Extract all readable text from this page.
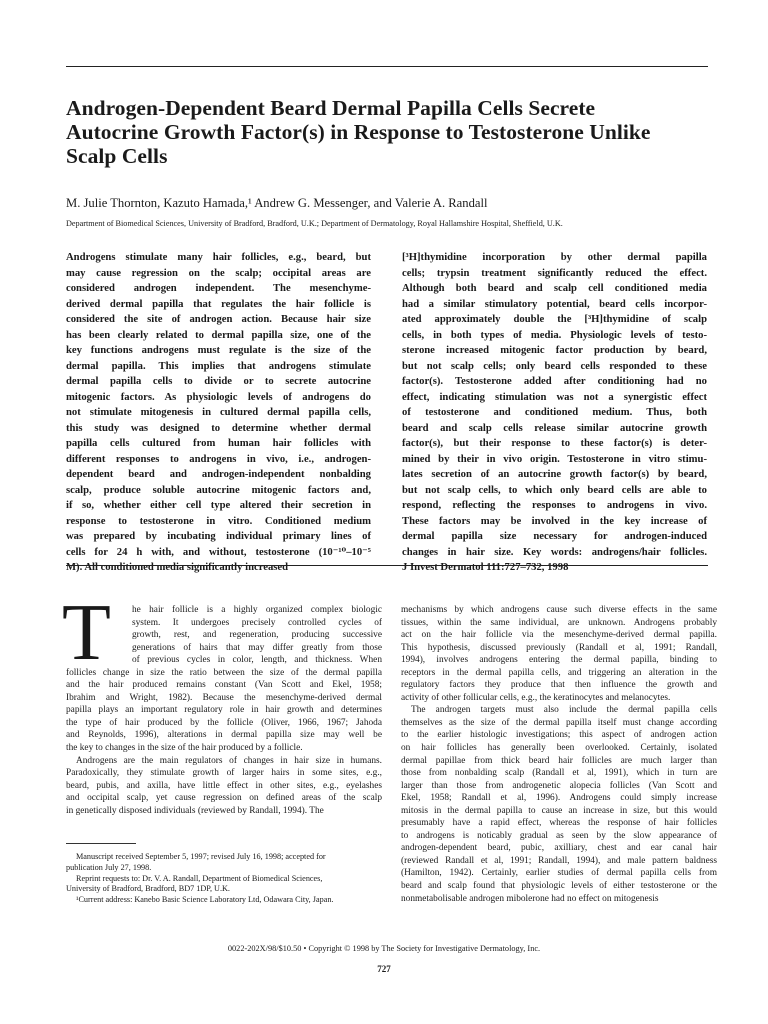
Androgen-Dependent Beard Dermal Papilla Cells Secrete
Autocrine Growth Factor(s) in Response to Testosterone Unlike
Scalp Cells
M. Julie Thornton, Kazuto Hamada,¹ Andrew G. Messenger, and Valerie A. Randall
Department of Biomedical Sciences, University of Bradford, Bradford, U.K.; Department of Dermatology, Royal Hallamshire Hospital, Sheffield, U.K.
Androgens stimulate many hair follicles, e.g., beard, but
may cause regression on the scalp; occipital areas are
considered androgen independent. The mesenchyme-
derived dermal papilla that regulates the hair follicle is
considered the site of androgen action. Because hair size
has been clearly related to dermal papilla size, one of the
key functions androgens must regulate is the size of the
dermal papilla. This implies that androgens stimulate
dermal papilla cells to divide or to secrete autocrine
mitogenic factors. As physiologic levels of androgens do
not stimulate mitogenesis in cultured dermal papilla cells,
this study was designed to determine whether dermal
papilla cells cultured from human hair follicles with
different responses to androgens in vivo, i.e., androgen-
dependent beard and androgen-independent nonbalding
scalp, produce soluble autocrine mitogenic factors and,
if so, whether either cell type altered their secretion in
response to testosterone in vitro. Conditioned medium
was prepared by incubating individual primary lines of
cells for 24 h with, and without, testosterone (10⁻¹⁰–10⁻⁵
M). All conditioned media significantly increased
[³H]thymidine incorporation by other dermal papilla
cells; trypsin treatment significantly reduced the effect.
Although both beard and scalp cell conditioned media
had a similar stimulatory potential, beard cells incorpor-
ated approximately double the [³H]thymidine of scalp
cells, in both types of media. Physiologic levels of testo-
sterone increased mitogenic factor production by beard,
but not scalp cells; only beard cells responded to these
factor(s). Testosterone added after conditioning had no
effect, indicating stimulation was not a synergistic effect
of testosterone and conditioned medium. Thus, both
beard and scalp cells release similar autocrine growth
factor(s), but their response to these factor(s) is deter-
mined by their in vivo origin. Testosterone in vitro stimu-
lates secretion of an autocrine growth factor(s) by beard,
but not scalp cells, to which only beard cells are able to
respond, reflecting the responses to androgens in vivo.
These factors may be involved in the key increase of
dermal papilla size necessary for androgen-induced
changes in hair size. Key words: androgens/hair follicles.
J Invest Dermatol 111:727–732, 1998
T	he hair follicle is a highly organized complex biologic
system. It undergoes precisely controlled cycles of
growth, rest, and regeneration, producing successive
generations of hairs that may differ greatly from those
of previous cycles in color, length, and thickness. When
follicles change in size the ratio between the size of the dermal papilla
and the hair produced remains constant (Van Scott and Ekel, 1958;
Ibrahim and Wright, 1982). Because the mesenchyme-derived dermal
papilla plays an important regulatory role in hair growth and determines
the type of hair produced by the follicle (Oliver, 1966, 1967; Jahoda
and Reynolds, 1996), alterations in dermal papilla size may well be
the key to changes in the size of the hair produced by a follicle.
Androgens are the main regulators of changes in hair size in humans.
Paradoxically, they stimulate growth of larger hairs in some sites, e.g.,
beard, pubis, and axilla, have little effect in other sites, e.g., eyelashes
and occipital scalp, yet cause regression on defined areas of the scalp
in genetically disposed individuals (reviewed by Randall, 1994). The
mechanisms by which androgens cause such diverse effects in the same
tissues, within the same individual, are unknown. Androgens probably
act on the hair follicle via the mesenchyme-derived dermal papilla.
This hypothesis, discussed previously (Randall et al, 1991; Randall,
1994), involves androgens entering the dermal papilla, binding to
receptors in the dermal papilla cells, and triggering an alteration in the
regulatory factors they produce that then influence the growth and
activity of other follicular cells, e.g., the keratinocytes and melanocytes.
The androgen targets must also include the dermal papilla cells
themselves as the size of the dermal papilla itself must change according
to the earlier histologic investigations; this aspect of androgen action
on hair follicles has generally been overlooked. Certainly, isolated
dermal papillae from thick beard hair follicles are much larger than
those from nonbalding scalp (Randall et al, 1991), which in turn are
larger than those from androgenetic alopecia follicles (Van Scott and
Ekel, 1958; Randall et al, 1996). Androgens could simply increase
mitosis in the dermal papilla to cause an increase in size, but this would
presumably have a rapid effect, whereas the response of hair follicles
to androgens is noticably gradual as seen by the slow appearance of
androgen-dependent beard, pubic, axilliary, chest and ear canal hair
(reviewed Randall et al, 1991; Randall, 1994), and male pattern baldness
(Hamilton, 1942). Certainly, earlier studies of dermal papilla cells from
beard and scalp found that physiologic levels of either testosterone or the
nonmetabolisable androgen mibolerone had no effect on mitogenesis
Manuscript received September 5, 1997; revised July 16, 1998; accepted for
publication July 27, 1998.
Reprint requests to: Dr. V. A. Randall, Department of Biomedical Sciences,
University of Bradford, Bradford, BD7 1DP, U.K.
¹Current address: Kanebo Basic Science Laboratory Ltd, Odawara City, Japan.
0022-202X/98/$10.50 • Copyright © 1998 by The Society for Investigative Dermatology, Inc.
727
